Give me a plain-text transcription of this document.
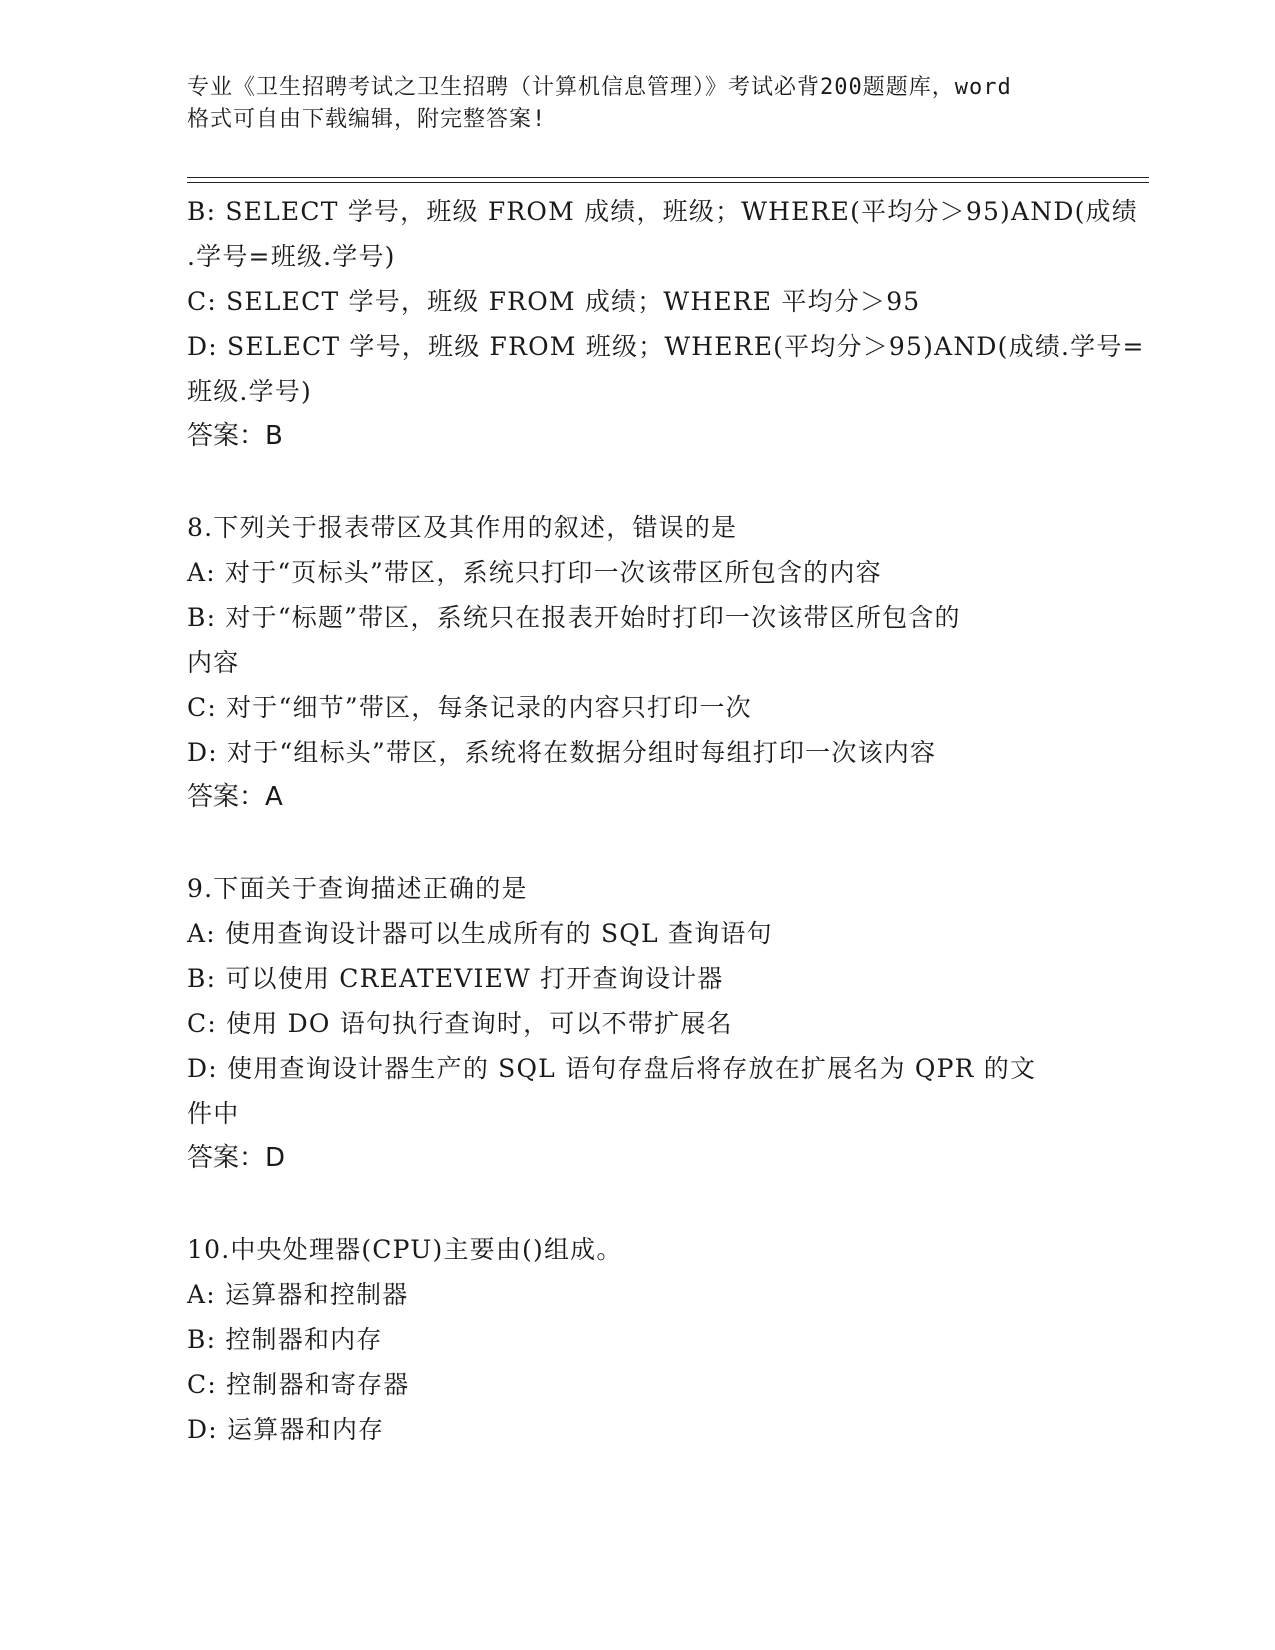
专业《卫生招聘考试之卫生招聘（计算机信息管理）》考试必背200题题库，word
格式可自由下载编辑，附完整答案!
B: SELECT 学号，班级 FROM 成绩，班级；WHERE(平均分＞95)AND(成绩
.学号=班级.学号)
C: SELECT 学号，班级 FROM 成绩；WHERE 平均分＞95
D: SELECT 学号，班级 FROM 班级；WHERE(平均分＞95)AND(成绩.学号=
班级.学号)
答案：B
8.下列关于报表带区及其作用的叙述，错误的是
A: 对于“页标头”带区，系统只打印一次该带区所包含的内容
B: 对于“标题”带区，系统只在报表开始时打印一次该带区所包含的
内容
C: 对于“细节”带区，每条记录的内容只打印一次
D: 对于“组标头”带区，系统将在数据分组时每组打印一次该内容
答案：A
9.下面关于查询描述正确的是
A: 使用查询设计器可以生成所有的 SQL 查询语句
B: 可以使用 CREATEVIEW 打开查询设计器
C: 使用 DO 语句执行查询时，可以不带扩展名
D: 使用查询设计器生产的 SQL 语句存盘后将存放在扩展名为 QPR 的文
件中
答案：D
10.中央处理器(CPU)主要由()组成。
A: 运算器和控制器
B: 控制器和内存
C: 控制器和寄存器
D: 运算器和内存
